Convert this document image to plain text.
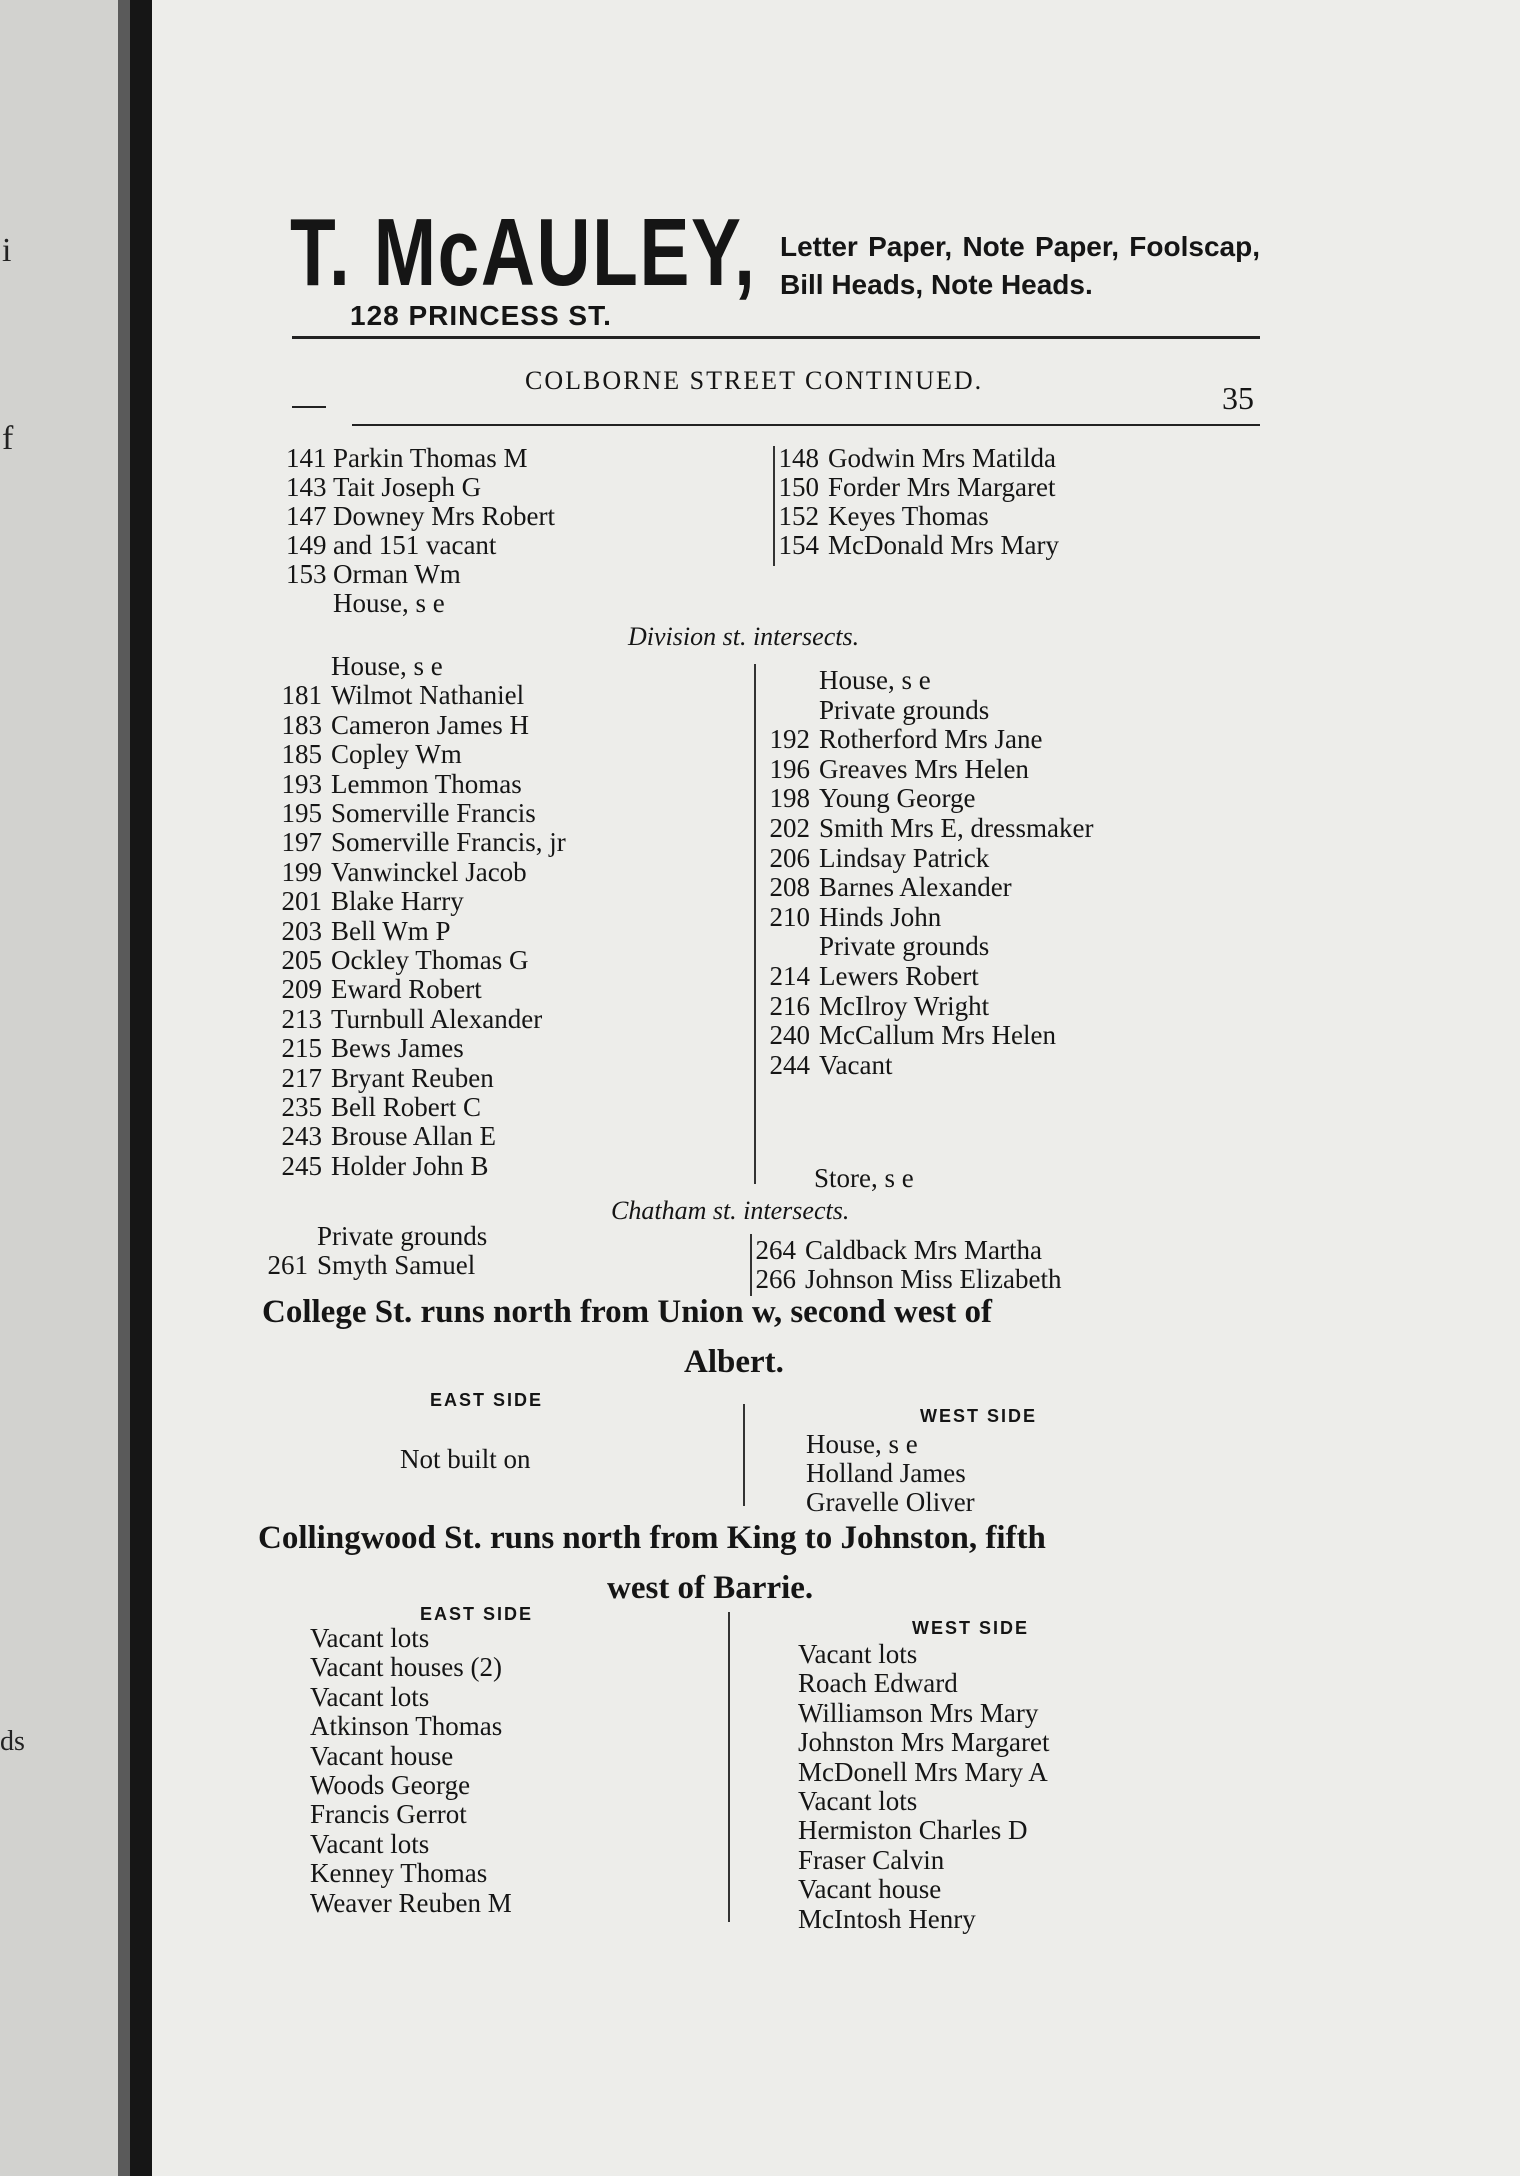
i
f
ds
T. McAULEY,
128 PRINCESS ST.
Letter Paper, Note Paper, Foolscap, Bill Heads, Note Heads.
COLBORNE STREET CONTINUED.	35
141 Parkin Thomas M
143 Tait Joseph G
147 Downey Mrs Robert
149 and 151 vacant
153 Orman Wm
House, s e
148 Godwin Mrs Matilda
150 Forder Mrs Margaret
152 Keyes Thomas
154 McDonald Mrs Mary
Division st. intersects.
House, s e
181 Wilmot Nathaniel
183 Cameron James H
185 Copley Wm
193 Lemmon Thomas
195 Somerville Francis
197 Somerville Francis, jr
199 Vanwinckel Jacob
201 Blake Harry
203 Bell Wm P
205 Ockley Thomas G
209 Eward Robert
213 Turnbull Alexander
215 Bews James
217 Bryant Reuben
235 Bell Robert C
243 Brouse Allan E
245 Holder John B
House, s e
Private grounds
192 Rotherford Mrs Jane
196 Greaves Mrs Helen
198 Young George
202 Smith Mrs E, dressmaker
206 Lindsay Patrick
208 Barnes Alexander
210 Hinds John
Private grounds
214 Lewers Robert
216 McIlroy Wright
240 McCallum Mrs Helen
244 Vacant
Store, s e
Chatham st. intersects.
Private grounds
261 Smyth Samuel	264 Caldback Mrs Martha
266 Johnson Miss Elizabeth
College St. runs north from Union w, second west of
Albert.
EAST SIDE
WEST SIDE
Not built on	House, s e
Holland James
Gravelle Oliver
Collingwood St. runs north from King to Johnston, fifth
west of Barrie.
EAST SIDE
WEST SIDE
Vacant lots
Vacant houses (2)
Vacant lots
Atkinson Thomas
Vacant house
Woods George
Francis Gerrot
Vacant lots
Kenney Thomas
Weaver Reuben M
Vacant lots
Roach Edward
Williamson Mrs Mary
Johnston Mrs Margaret
McDonell Mrs Mary A
Vacant lots
Hermiston Charles D
Fraser Calvin
Vacant house
McIntosh Henry
